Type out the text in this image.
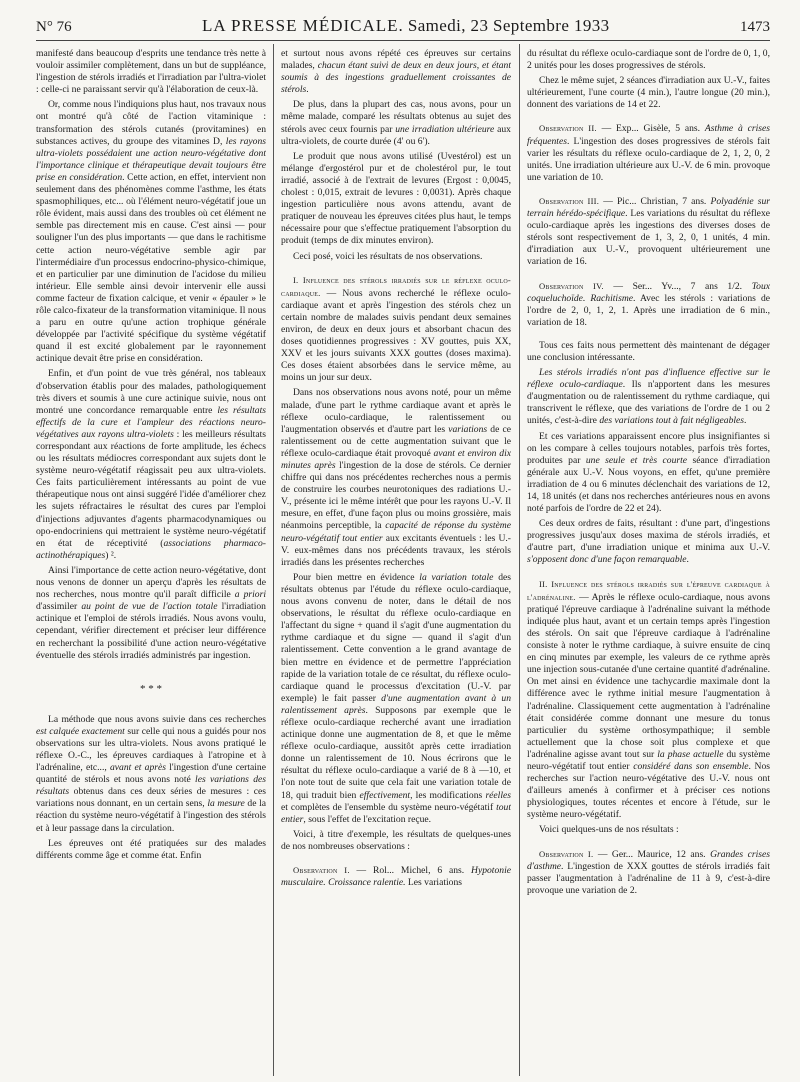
N° 76	LA PRESSE MÉDICALE. Samedi, 23 Septembre 1933	1473

manifesté dans beaucoup d'esprits une tendance très nette à vouloir assimiler complètement, dans un but de suppléance, l'ingestion de stérols irradiés et l'irradiation par l'ultra-violet : celle-ci ne paraissant servir qu'à l'élaboration de ceux-là.

Or, comme nous l'indiquions plus haut, nos travaux nous ont montré qu'à côté de l'action vitaminique : transformation des stérols cutanés (provitamines) en substances actives, du groupe des vitamines D, les rayons ultra-violets possédaient une action neuro-végétative dont l'importance clinique et thérapeutique devait toujours être prise en considération. Cette action, en effet, intervient non seulement dans des phénomènes comme l'asthme, les états spasmophiliques, etc... où l'élément neuro-végétatif joue un rôle évident, mais aussi dans des troubles où cet élément ne semble pas directement mis en cause. C'est ainsi — pour souligner l'un des plus importants — que dans le rachitisme cette action neuro-végétative semble agir par l'intermédiaire d'un processus endocrino-physico-chimique, et en particulier par une diminution de l'acidose du milieu intérieur. Elle semble ainsi devoir intervenir elle aussi comme facteur de fixation calcique, et venir « épauler » le rôle calco-fixateur de la transformation vitaminique. Il nous a paru en outre qu'une action trophique générale développée par l'activité spécifique du système végétatif quand il est excité globalement par le rayonnement actinique devait être prise en considération.

Enfin, et d'un point de vue très général, nos tableaux d'observation établis pour des malades, pathologiquement très divers et soumis à une cure actinique suivie, nous ont montré une concordance remarquable entre les résultats effectifs de la cure et l'ampleur des réactions neuro-végétatives aux rayons ultra-violets : les meilleurs résultats correspondant aux réactions de forte amplitude, les échecs ou les résultats médiocres correspondant aux sujets dont le système neuro-végétatif réagissait peu aux ultra-violets. Ces faits particulièrement intéressants au point de vue thérapeutique nous ont ainsi suggéré l'idée d'améliorer chez les sujets réfractaires le résultat des cures par l'emploi d'injections adjuvantes d'agents pharmacodynamiques ou opo-endocriniens qui mettraient le système neuro-végétatif en état de réceptivité (associations pharmaco-actinothérapiques) ².

Ainsi l'importance de cette action neuro-végétative, dont nous venons de donner un aperçu d'après les résultats de nos recherches, nous montre qu'il paraît difficile a priori d'assimiler au point de vue de l'action totale l'irradiation actinique et l'emploi de stérols irradiés. Nous avons voulu, cependant, vérifier directement et préciser leur différence en recherchant la possibilité d'une action neuro-végétative éventuelle des stérols irradiés administrés par ingestion.

* * *

La méthode que nous avons suivie dans ces recherches est calquée exactement sur celle qui nous a guidés pour nos observations sur les ultra-violets. Nous avons pratiqué le réflexe O.-C., les épreuves cardiaques à l'atropine et à l'adrénaline, etc..., avant et après l'ingestion d'une certaine quantité de stérols et nous avons noté les variations des résultats obtenus dans ces deux séries de mesures : ces variations nous donnant, en un certain sens, la mesure de la réaction du système neuro-végétatif à l'ingestion des stérols et à leur passage dans la circulation.

Les épreuves ont été pratiquées sur des malades différents comme âge et comme état. Enfin

et surtout nous avons répété ces épreuves sur certains malades, chacun étant suivi de deux en deux jours, et étant soumis à des ingestions graduellement croissantes de stérols.

De plus, dans la plupart des cas, nous avons, pour un même malade, comparé les résultats obtenus au sujet des stérols avec ceux fournis par une irradiation ultérieure aux ultra-violets, de courte durée (4' ou 6').

Le produit que nous avons utilisé (Uvestérol) est un mélange d'ergostérol pur et de cholestérol pur, le tout irradié, associé à de l'extrait de levures (Ergost : 0,0045, cholest : 0,015, extrait de levures : 0,0031). Après chaque ingestion particulière nous avons attendu, avant de pratiquer de nouveau les épreuves citées plus haut, le temps nécessaire pour que s'effectue pratiquement l'absorption du produit (temps de dix minutes environ).

Ceci posé, voici les résultats de nos observations.

I. Influence des stérols irradiés sur le réflexe oculo-cardiaque. — Nous avons recherché le réflexe oculo-cardiaque avant et après l'ingestion des stérols chez un certain nombre de malades suivis pendant deux semaines environ, de deux en deux jours et absorbant chacun des doses quotidiennes progressives : XV gouttes, puis XX, XXV et les jours suivants XXX gouttes (doses maxima). Ces doses étaient absorbées dans le service même, au moins un jour sur deux.

Dans nos observations nous avons noté, pour un même malade, d'une part le rythme cardiaque avant et après le réflexe oculo-cardiaque, le ralentissement ou l'augmentation observés et d'autre part les variations de ce ralentissement ou de cette augmentation suivant que le réflexe oculo-cardiaque était provoqué avant et environ dix minutes après l'ingestion de la dose de stérols. Ce dernier chiffre qui dans nos précédentes recherches nous a permis de construire les courbes neurotoniques des radiations U.-V., présente ici le même intérêt que pour les rayons U.-V. Il mesure, en effet, d'une façon plus ou moins grossière, mais néanmoins perceptible, la capacité de réponse du système neuro-végétatif tout entier aux excitants éventuels : les U.-V. eux-mêmes dans nos précédents travaux, les stérols irradiés dans les présentes recherches

Pour bien mettre en évidence la variation totale des résultats obtenus par l'étude du réflexe oculo-cardiaque, nous avons convenu de noter, dans le détail de nos observations, le résultat du réflexe oculo-cardiaque en l'affectant du signe + quand il s'agit d'une augmentation du rythme cardiaque et du signe — quand il s'agit d'un ralentissement. Cette convention a le grand avantage de bien mettre en évidence et de permettre l'appréciation rapide de la variation totale de ce résultat, du réflexe oculo-cardiaque quand le processus d'excitation (U.-V. par exemple) le fait passer d'une augmentation avant à un ralentissement après. Supposons par exemple que le réflexe oculo-cardiaque recherché avant une irradiation actinique donne une augmentation de 8, et que le même réflexe oculo-cardiaque, aussitôt après cette irradiation donne un ralentissement de 10. Nous écrirons que le résultat du réflexe oculo-cardiaque a varié de 8 à —10, et l'on note tout de suite que cela fait une variation totale de 18, qui traduit bien effectivement, les modifications réelles et complètes de l'ensemble du système neuro-végétatif tout entier, sous l'effet de l'excitation reçue.

Voici, à titre d'exemple, les résultats de quelques-unes de nos nombreuses observations :

Observation I. — Rol... Michel, 6 ans. Hypotonie musculaire. Croissance ralentie. Les variations

du résultat du réflexe oculo-cardiaque sont de l'ordre de 0, 1, 0, 2 unités pour les doses progressives de stérols.

Chez le même sujet, 2 séances d'irradiation aux U.-V., faites ultérieurement, l'une courte (4 min.), l'autre longue (20 min.), donnent des variations de 14 et 22.

Observation II. — Exp... Gisèle, 5 ans. Asthme à crises fréquentes. L'ingestion des doses progressives de stérols fait varier les résultats du réflexe oculo-cardiaque de 2, 1, 2, 0, 2 unités. Une irradiation ultérieure aux U.-V. de 6 min. provoque une variation de 10.

Observation III. — Pic... Christian, 7 ans. Polyadénie sur terrain hérédo-spécifique. Les variations du résultat du réflexe oculo-cardiaque après les ingestions des diverses doses de stérols sont respectivement de 1, 3, 2, 0, 1 unités, 4 min. d'irradiation aux U.-V., provoquent ultérieurement une variation de 16.

Observation IV. — Ser... Yv..., 7 ans 1/2. Toux coqueluchoïde. Rachitisme. Avec les stérols : variations de l'ordre de 2, 0, 1, 2, 1. Après une irradiation de 6 min., variation de 18.

Tous ces faits nous permettent dès maintenant de dégager une conclusion intéressante.

Les stérols irradiés n'ont pas d'influence effective sur le réflexe oculo-cardiaque. Ils n'apportent dans les mesures d'augmentation ou de ralentissement du rythme cardiaque, qui transcrivent le réflexe, que des variations de l'ordre de 1 ou 2 unités, c'est-à-dire des variations tout à fait négligeables.

Et ces variations apparaissent encore plus insignifiantes si on les compare à celles toujours notables, parfois très fortes, produites par une seule et très courte séance d'irradiation générale aux U.-V. Nous voyons, en effet, qu'une première irradiation de 4 ou 6 minutes déclenchait des variations de 12, 14, 18 unités (et dans nos recherches antérieures nous en avons noté parfois de l'ordre de 22 et 24).

Ces deux ordres de faits, résultant : d'une part, d'ingestions progressives jusqu'aux doses maxima de stérols irradiés, et d'autre part, d'une irradiation unique et minima aux U.-V. s'opposent donc d'une façon remarquable.

II. Influence des stérols irradiés sur l'épreuve cardiaque à l'adrénaline. — Après le réflexe oculo-cardiaque, nous avons pratiqué l'épreuve cardiaque à l'adrénaline suivant la méthode indiquée plus haut, avant et un certain temps après l'ingestion des stérols. On sait que l'épreuve cardiaque à l'adrénaline consiste à noter le rythme cardiaque, à suivre ensuite de cinq en cinq minutes par exemple, les valeurs de ce rythme après une injection sous-cutanée d'une certaine quantité d'adrénaline. On met ainsi en évidence une tachycardie maximale dont la différence avec le rythme initial mesure l'augmentation à l'adrénaline. Classiquement cette augmentation à l'adrénaline était considérée comme donnant une mesure du tonus particulier du système orthosympathique; il semble actuellement que la chose soit plus complexe et que l'adrénaline agisse avant tout sur la phase actuelle du système neuro-végétatif tout entier considéré dans son ensemble. Nos recherches sur l'action neuro-végétative des U.-V. nous ont d'ailleurs amenés à confirmer et à préciser ces notions physiologiques, toutes récentes et encore à l'étude, sur le système neuro-végétatif.

Voici quelques-uns de nos résultats :

Observation I. — Ger... Maurice, 12 ans. Grandes crises d'asthme. L'ingestion de XXX gouttes de stérols irradiés fait passer l'augmentation à l'adrénaline de 11 à 9, c'est-à-dire provoque une variation de 2.
